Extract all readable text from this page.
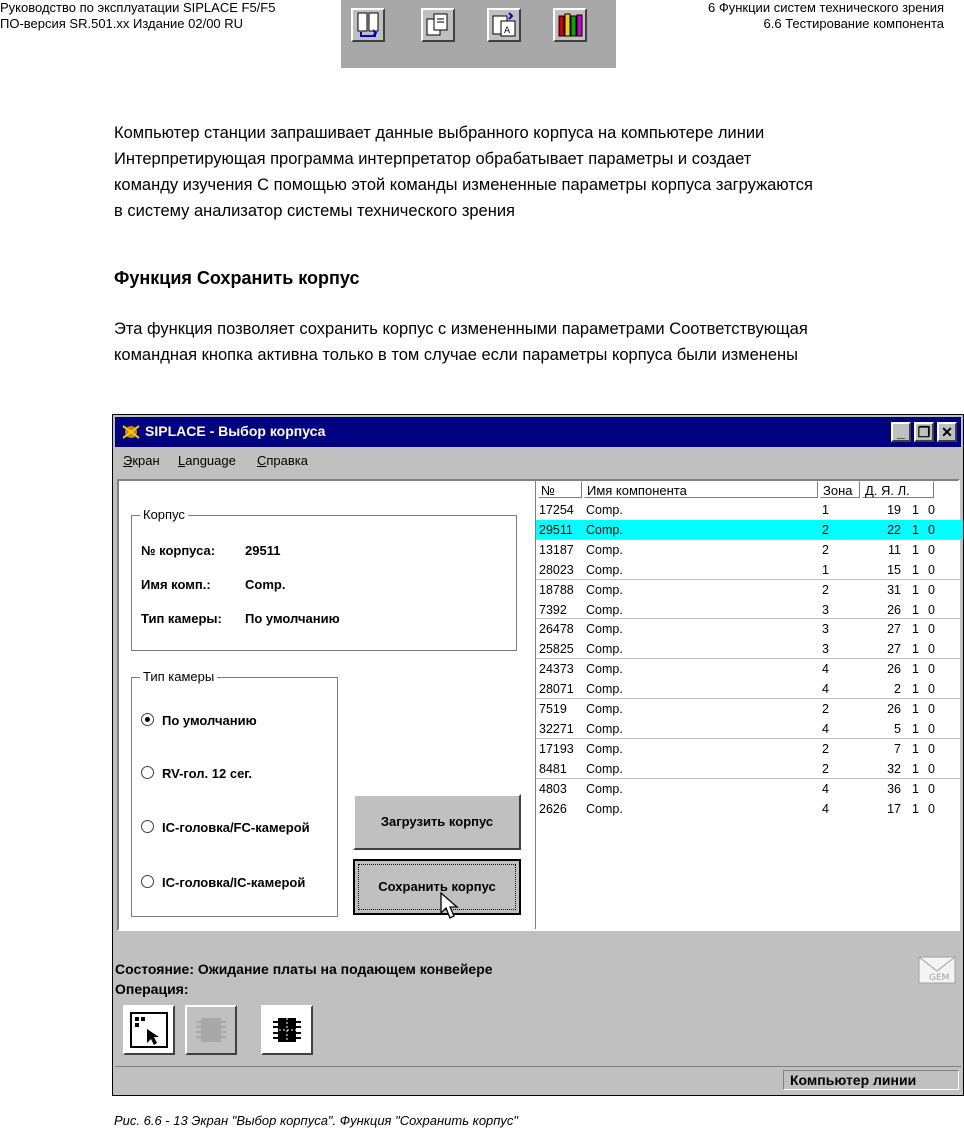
Руководство по эксплуатации SIPLACE F5/F5
ПО-версия SR.501.xx Издание 02/00 RU
6 Функции систем технического зрения
6.6 Тестирование компонента
A

Компьютер станции запрашивает данные выбранного корпуса на компьютере линии

Интерпретирующая программа интерпретатор обрабатывает параметры и создает

команду изучения С помощью этой команды измененные параметры корпуса загружаются

в систему анализатор системы технического зрения

Функция Сохранить корпус

Эта функция позволяет сохранить корпус с измененными параметрами Соответствующая

командная кнопка активна только в том случае если параметры корпуса были изменены

SIPLACE - Выбор корпуса	_ ❐ ✕
Экран Language Справка
Корпус
№ корпуса: 29511
Имя комп.:	Comp.
Тип камеры: По умолчанию
Тип камеры
По умолчанию
RV-гол. 12 сег.
IC-головка/FC-камерой
IC-головка/IC-камерой
Загрузить корпус
Сохранить корпус
№	Имя компонента	Зона Д. Я. Л.
17254 Comp.	1	19 1 0
29511 Comp.	2	22 1 0
13187 Comp.	2	11 1 0
28023 Comp.	1	15 1 0
18788 Comp.	2	31 1 0
7392 Comp.	3	26 1 0
26478 Comp.	3	27 1 0
25825 Comp.	3	27 1 0
24373 Comp.	4	26 1 0
28071 Comp.	4	2 1 0
7519 Comp.	2	26 1 0
32271 Comp.	4	5 1 0
17193 Comp.	2	7 1 0
8481 Comp.	2	32 1 0
4803 Comp.	4	36 1 0
2626 Comp.	4	17 1 0
Состояние: Ожидание платы на подающем конвейере
Операция:
GEM
Компьютер линии
Рис. 6.6 - 13 Экран "Выбор корпуса". Функция "Сохранить корпус"
